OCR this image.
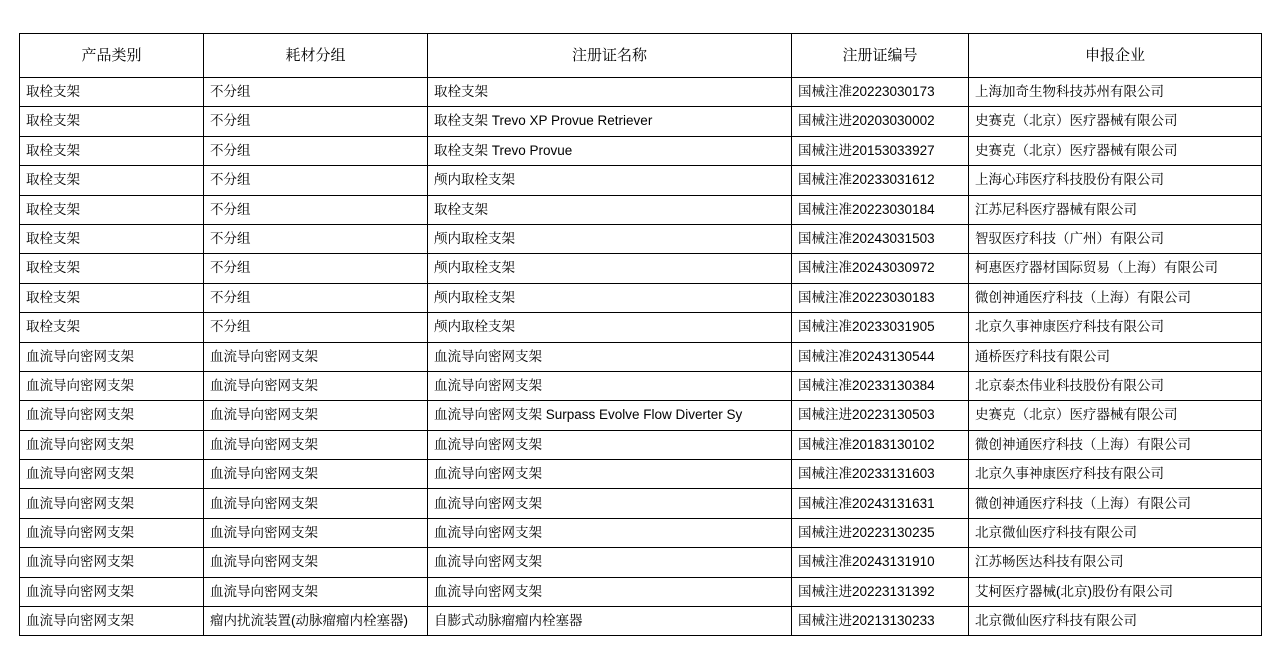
产品类别	耗材分组	注册证名称	注册证编号	申报企业

取栓支架	不分组	取栓支架	国械注准20223030173	上海加奇生物科技苏州有限公司

取栓支架	不分组	取栓支架 Trevo XP Provue Retriever	国械注进20203030002	史赛克（北京）医疗器械有限公司

取栓支架	不分组	取栓支架 Trevo Provue	国械注进20153033927	史赛克（北京）医疗器械有限公司

取栓支架	不分组	颅内取栓支架	国械注准20233031612	上海心玮医疗科技股份有限公司

取栓支架	不分组	取栓支架	国械注准20223030184	江苏尼科医疗器械有限公司

取栓支架	不分组	颅内取栓支架	国械注准20243031503	智驭医疗科技（广州）有限公司

取栓支架	不分组	颅内取栓支架	国械注准20243030972	柯惠医疗器材国际贸易（上海）有限公司

取栓支架	不分组	颅内取栓支架	国械注准20223030183	微创神通医疗科技（上海）有限公司

取栓支架	不分组	颅内取栓支架	国械注准20233031905	北京久事神康医疗科技有限公司

血流导向密网支架	血流导向密网支架	血流导向密网支架	国械注准20243130544	通桥医疗科技有限公司

血流导向密网支架	血流导向密网支架	血流导向密网支架	国械注准20233130384	北京泰杰伟业科技股份有限公司

血流导向密网支架	血流导向密网支架	血流导向密网支架 Surpass Evolve Flow Diverter Sy	国械注进20223130503	史赛克（北京）医疗器械有限公司

血流导向密网支架	血流导向密网支架	血流导向密网支架	国械注准20183130102	微创神通医疗科技（上海）有限公司

血流导向密网支架	血流导向密网支架	血流导向密网支架	国械注准20233131603	北京久事神康医疗科技有限公司

血流导向密网支架	血流导向密网支架	血流导向密网支架	国械注准20243131631	微创神通医疗科技（上海）有限公司

血流导向密网支架	血流导向密网支架	血流导向密网支架	国械注进20223130235	北京微仙医疗科技有限公司

血流导向密网支架	血流导向密网支架	血流导向密网支架	国械注准20243131910	江苏畅医达科技有限公司

血流导向密网支架	血流导向密网支架	血流导向密网支架	国械注进20223131392	艾柯医疗器械(北京)股份有限公司

血流导向密网支架	瘤内扰流装置(动脉瘤瘤内栓塞器)	自膨式动脉瘤瘤内栓塞器	国械注进20213130233	北京微仙医疗科技有限公司
